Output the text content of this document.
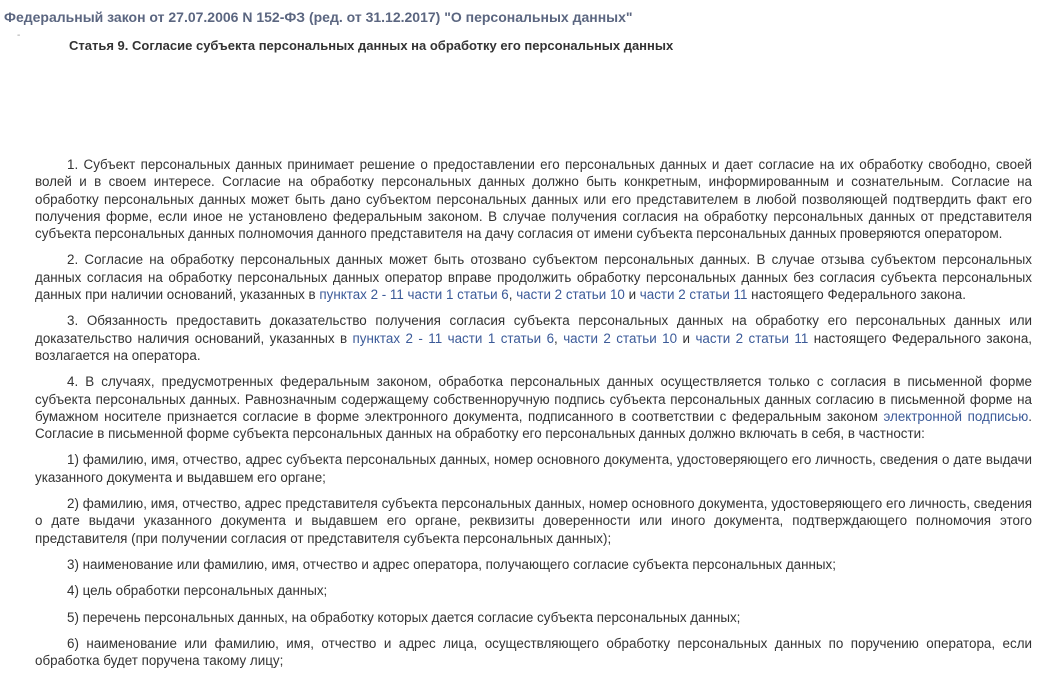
Федеральный закон от 27.07.2006 N 152-ФЗ (ред. от 31.12.2017) "О персональных данных"
-
Статья 9. Согласие субъекта персональных данных на обработку его персональных данных

1. Субъект персональных данных принимает решение о предоставлении его персональных данных и дает согласие на их обработку свободно, своей волей и в своем интересе. Согласие на обработку персональных данных должно быть конкретным, информированным и сознательным. Согласие на обработку персональных данных может быть дано субъектом персональных данных или его представителем в любой позволяющей подтвердить факт его получения форме, если иное не установлено федеральным законом. В случае получения согласия на обработку персональных данных от представителя субъекта персональных данных полномочия данного представителя на дачу согласия от имени субъекта персональных данных проверяются оператором.

2. Согласие на обработку персональных данных может быть отозвано субъектом персональных данных. В случае отзыва субъектом персональных данных согласия на обработку персональных данных оператор вправе продолжить обработку персональных данных без согласия субъекта персональных данных при наличии оснований, указанных в пунктах 2 - 11 части 1 статьи 6, части 2 статьи 10 и части 2 статьи 11 настоящего Федерального закона.

3. Обязанность предоставить доказательство получения согласия субъекта персональных данных на обработку его персональных данных или доказательство наличия оснований, указанных в пунктах 2 - 11 части 1 статьи 6, части 2 статьи 10 и части 2 статьи 11 настоящего Федерального закона, возлагается на оператора.

4. В случаях, предусмотренных федеральным законом, обработка персональных данных осуществляется только с согласия в письменной форме субъекта персональных данных. Равнозначным содержащему собственноручную подпись субъекта персональных данных согласию в письменной форме на бумажном носителе признается согласие в форме электронного документа, подписанного в соответствии с федеральным законом электронной подписью. Согласие в письменной форме субъекта персональных данных на обработку его персональных данных должно включать в себя, в частности:

1) фамилию, имя, отчество, адрес субъекта персональных данных, номер основного документа, удостоверяющего его личность, сведения о дате выдачи указанного документа и выдавшем его органе;

2) фамилию, имя, отчество, адрес представителя субъекта персональных данных, номер основного документа, удостоверяющего его личность, сведения о дате выдачи указанного документа и выдавшем его органе, реквизиты доверенности или иного документа, подтверждающего полномочия этого представителя (при получении согласия от представителя субъекта персональных данных);

3) наименование или фамилию, имя, отчество и адрес оператора, получающего согласие субъекта персональных данных;

4) цель обработки персональных данных;

5) перечень персональных данных, на обработку которых дается согласие субъекта персональных данных;

6) наименование или фамилию, имя, отчество и адрес лица, осуществляющего обработку персональных данных по поручению оператора, если обработка будет поручена такому лицу;
